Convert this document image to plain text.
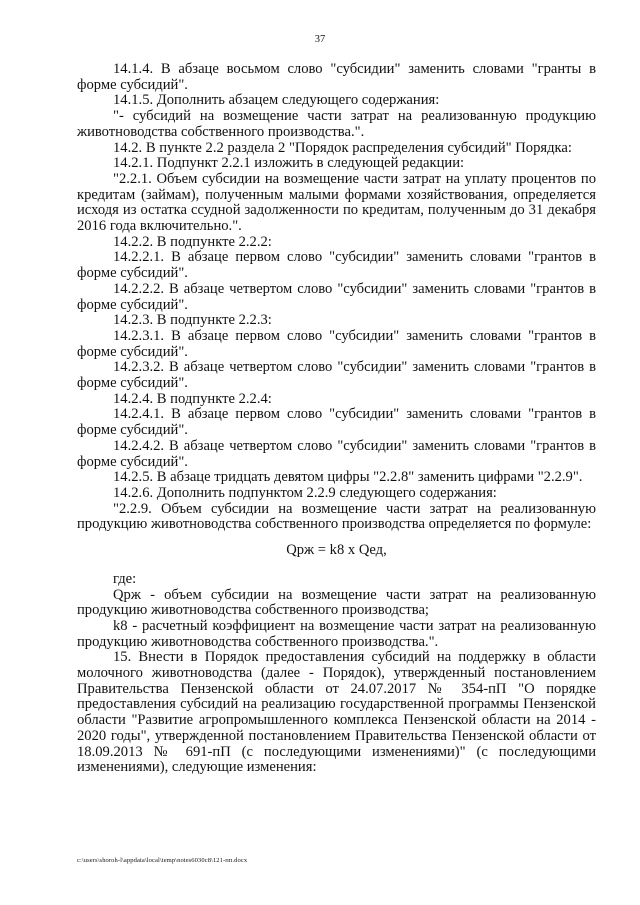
37

14.1.4. В абзаце восьмом слово "субсидии" заменить словами "гранты в форме субсидий".

14.1.5. Дополнить абзацем следующего содержания:

"- субсидий на возмещение части затрат на реализованную продукцию животноводства собственного производства.".

14.2. В пункте 2.2 раздела 2 "Порядок распределения субсидий" Порядка:

14.2.1. Подпункт 2.2.1 изложить в следующей редакции:

"2.2.1. Объем субсидии на возмещение части затрат на уплату процентов по кредитам (займам), полученным малыми формами хозяйствования, определяется исходя из остатка ссудной задолженности по кредитам, полученным до 31 декабря 2016 года включительно.".

14.2.2. В подпункте 2.2.2:

14.2.2.1. В абзаце первом слово "субсидии" заменить словами "грантов в форме субсидий".

14.2.2.2. В абзаце четвертом слово "субсидии" заменить словами "грантов в форме субсидий".

14.2.3. В подпункте 2.2.3:

14.2.3.1. В абзаце первом слово "субсидии" заменить словами "грантов в форме субсидий".

14.2.3.2. В абзаце четвертом слово "субсидии" заменить словами "грантов в форме субсидий".

14.2.4. В подпункте 2.2.4:

14.2.4.1. В абзаце первом слово "субсидии" заменить словами "грантов в форме субсидий".

14.2.4.2. В абзаце четвертом слово "субсидии" заменить словами "грантов в форме субсидий".

14.2.5. В абзаце тридцать девятом цифры "2.2.8" заменить цифрами "2.2.9".

14.2.6. Дополнить подпунктом 2.2.9 следующего содержания:

"2.2.9. Объем субсидии на возмещение части затрат на реализованную продукцию животноводства собственного производства определяется по формуле:

Qрж = k8 x Qед,

где:

Qрж - объем субсидии на возмещение части затрат на реализованную продукцию животноводства собственного производства;

k8 - расчетный коэффициент на возмещение части затрат на реализованную продукцию животноводства собственного производства.".

15. Внести в Порядок предоставления субсидий на поддержку в области молочного животноводства (далее - Порядок), утвержденный постановлением Правительства Пензенской области от 24.07.2017 № 354-пП "О порядке предоставления субсидий на реализацию государственной программы Пензенской области "Развитие агропромышленного комплекса Пензенской области на 2014 - 2020 годы", утвержденной постановлением Правительства Пензенской области от 18.09.2013 № 691-пП (с последующими изменениями)" (с последующими изменениями), следующие изменения:

c:\users\shoroh-l\appdata\local\temp\notes6030c8\121-пп.docx
